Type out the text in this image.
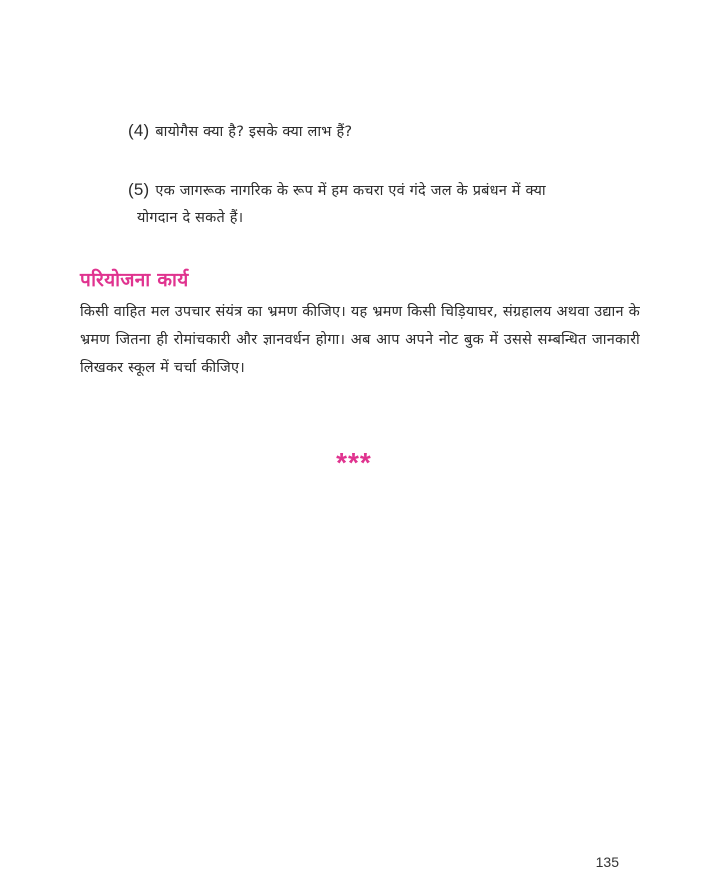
(4) बायोगैस क्या है? इसके क्या लाभ हैं?
(5) एक जागरूक नागरिक के रूप में हम कचरा एवं गंदे जल के प्रबंधन में क्या
योगदान दे सकते हैं।
परियोजना कार्य
किसी वाहित मल उपचार संयंत्र का भ्रमण कीजिए। यह भ्रमण किसी चिड़ियाघर, संग्रहालय अथवा उद्यान के भ्रमण जितना ही रोमांचकारी और ज्ञानवर्धन होगा। अब आप अपने नोट बुक में उससे सम्बन्धित जानकारी लिखकर स्कूल में चर्चा कीजिए।
***
135
